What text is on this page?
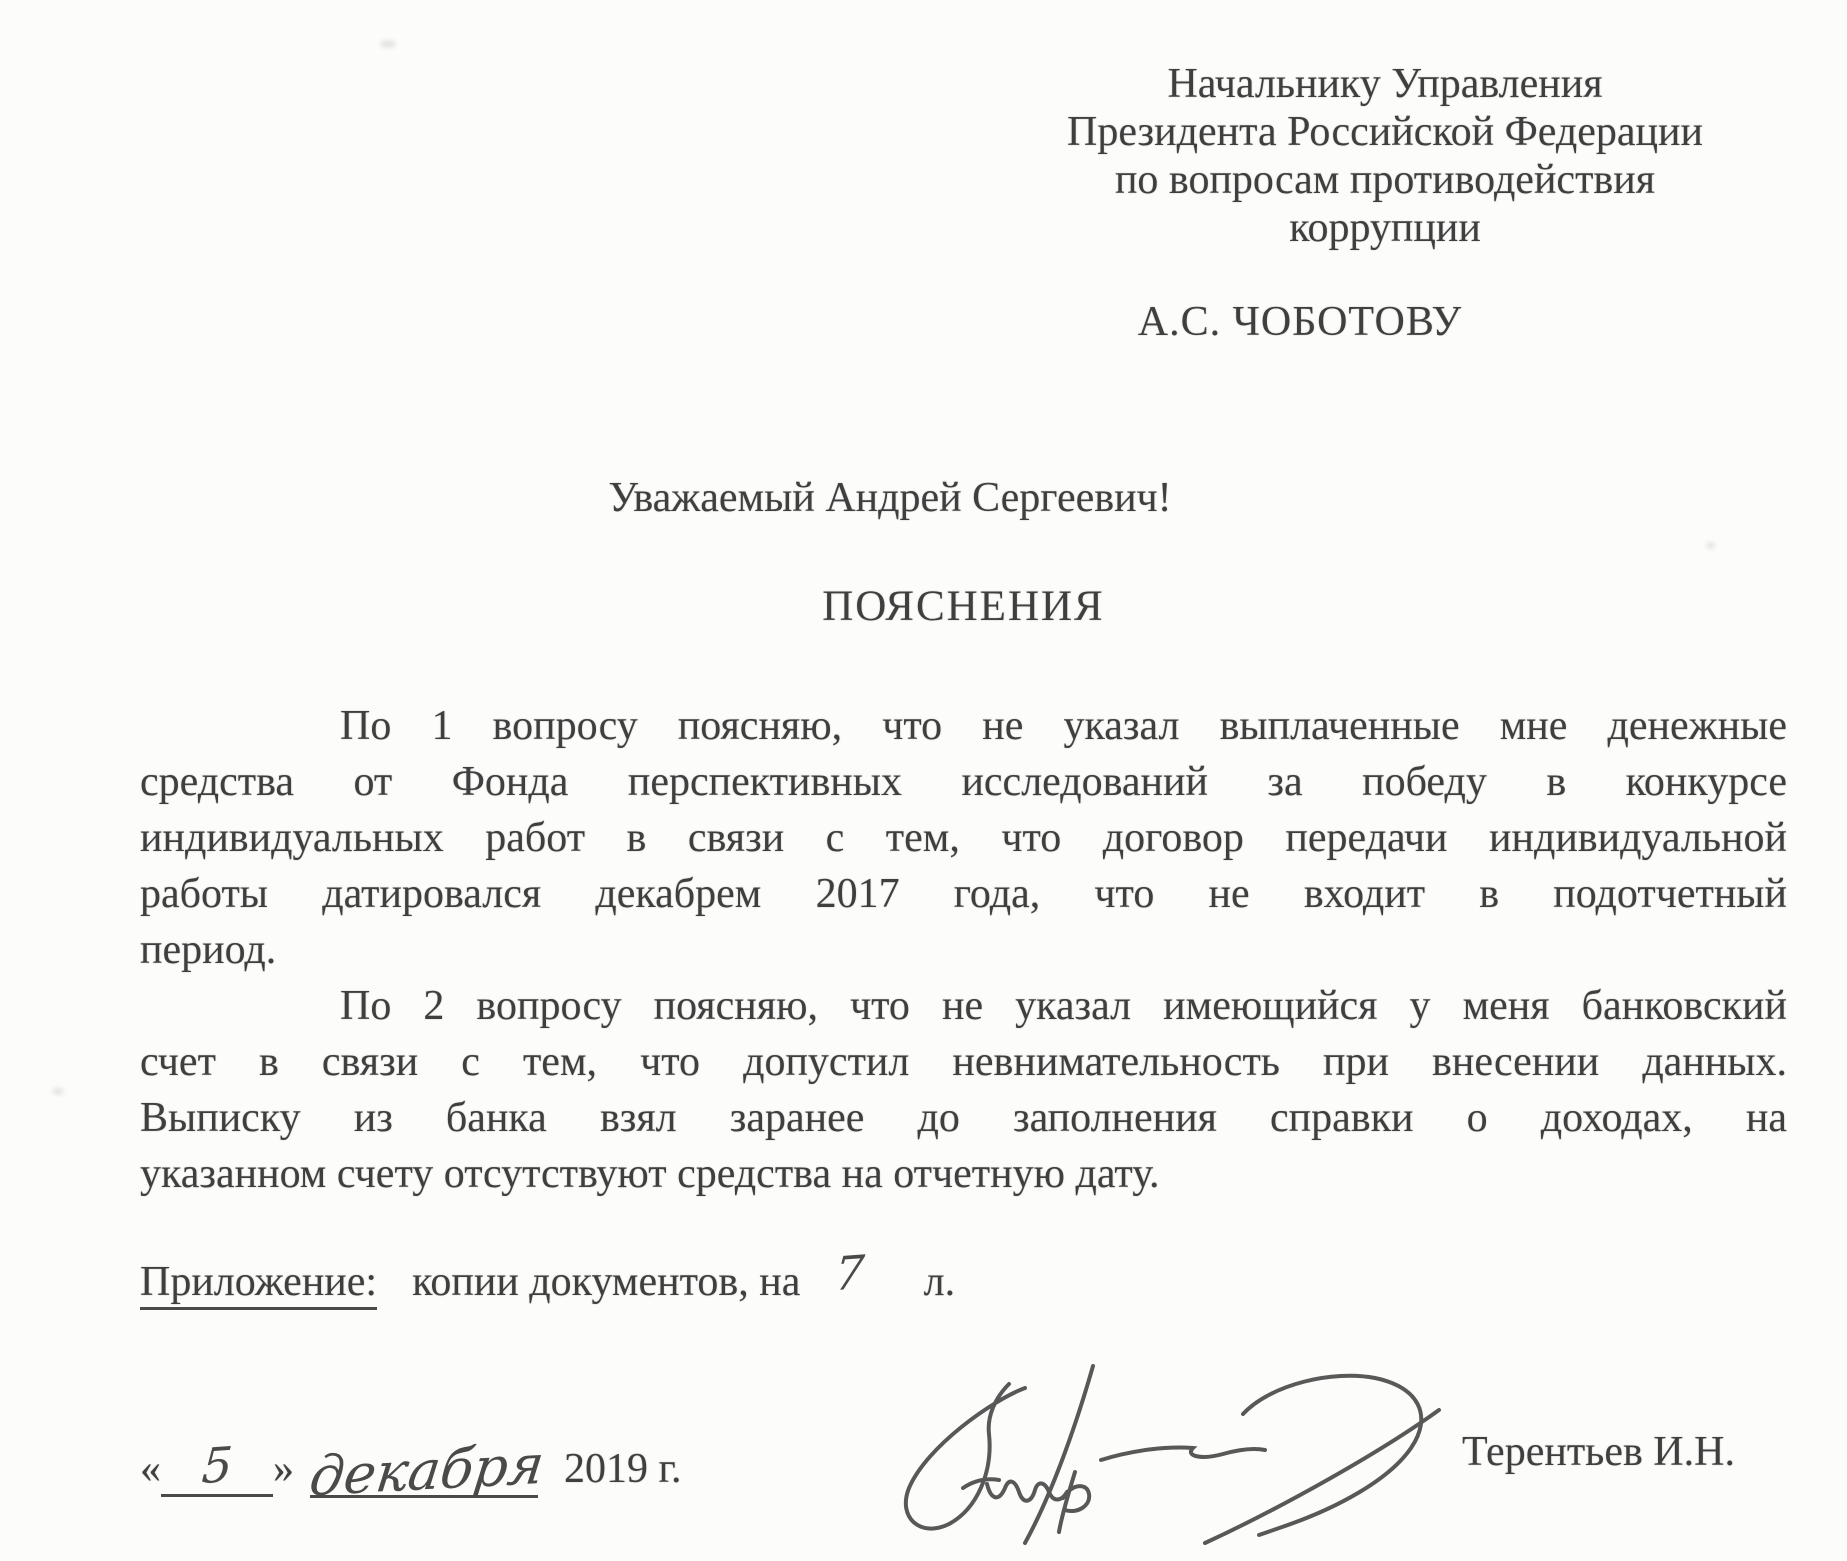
Начальнику Управления
Президента Российской Федерации
по вопросам противодействия
коррупции
А.С. ЧОБОТОВУ
Уважаемый Андрей Сергеевич!
ПОЯСНЕНИЯ
По 1 вопросу поясняю, что не указал выплаченные мне денежные
средства от Фонда перспективных исследований за победу в конкурсе
индивидуальных работ в связи с тем, что договор передачи индивидуальной
работы датировался декабрем 2017 года, что не входит в подотчетный
период.
По 2 вопросу поясняю, что не указал имеющийся у меня банковский
счет в связи с тем, что допустил невнимательность при внесении данных.
Выписку из банка взял заранее до заполнения справки о доходах, на
указанном счету отсутствуют средства на отчетную дату.
Приложение: копии документов, на 7 л.
« 5 » декабря 2019 г.	Терентьев И.Н.
